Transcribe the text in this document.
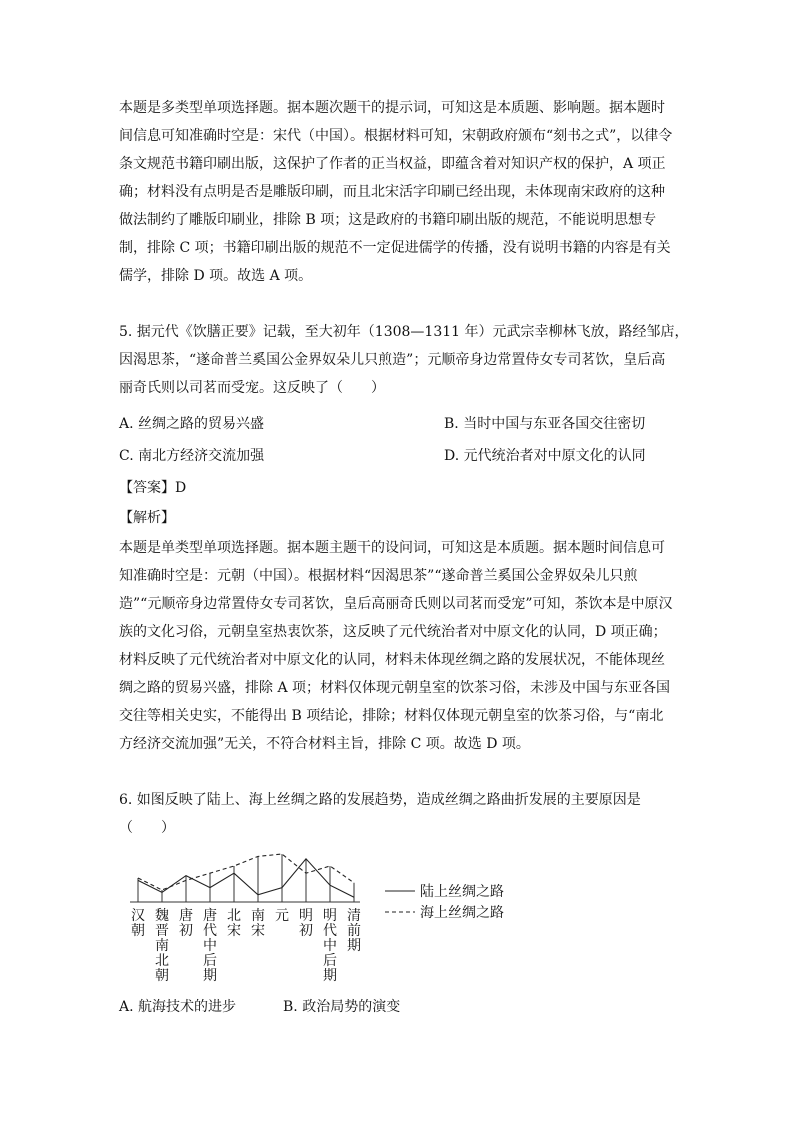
本题是多类型单项选择题。据本题次题干的提示词，可知这是本质题、影响题。据本题时
间信息可知准确时空是：宋代（中国）。根据材料可知，宋朝政府颁布“刻书之式”，以律令
条文规范书籍印刷出版，这保护了作者的正当权益，即蕴含着对知识产权的保护，A 项正
确；材料没有点明是否是雕版印刷，而且北宋活字印刷已经出现，未体现南宋政府的这种
做法制约了雕版印刷业，排除 B 项；这是政府的书籍印刷出版的规范，不能说明思想专
制，排除 C 项；书籍印刷出版的规范不一定促进儒学的传播，没有说明书籍的内容是有关
儒学，排除 D 项。故选 A 项。
5. 据元代《饮膳正要》记载，至大初年（1308—1311 年）元武宗幸柳林飞放，路经邹店，
因渴思茶，“遂命普兰奚国公金界奴朵儿只煎造”；元顺帝身边常置侍女专司茗饮，皇后高
丽奇氏则以司茗而受宠。这反映了（　　）
A. 丝绸之路的贸易兴盛	B. 当时中国与东亚各国交往密切
C. 南北方经济交流加强	D. 元代统治者对中原文化的认同
【答案】D
【解析】
本题是单类型单项选择题。据本题主题干的设问词，可知这是本质题。据本题时间信息可
知准确时空是：元朝（中国）。根据材料“因渴思茶”“遂命普兰奚国公金界奴朵儿只煎
造”“元顺帝身边常置侍女专司茗饮，皇后高丽奇氏则以司茗而受宠”可知，茶饮本是中原汉
族的文化习俗，元朝皇室热衷饮茶，这反映了元代统治者对中原文化的认同，D 项正确；
材料反映了元代统治者对中原文化的认同，材料未体现丝绸之路的发展状况，不能体现丝
绸之路的贸易兴盛，排除 A 项；材料仅体现元朝皇室的饮茶习俗，未涉及中国与东亚各国
交往等相关史实，不能得出 B 项结论，排除；材料仅体现元朝皇室的饮茶习俗，与“南北
方经济交流加强”无关，不符合材料主旨，排除 C 项。故选 D 项。
6. 如图反映了陆上、海上丝绸之路的发展趋势，造成丝绸之路曲折发展的主要原因是
（　　）
汉朝
魏晋南北朝
唐初
唐代中后期
北宋
南宋
元 明初
明代中后期
清前期
陆上丝绸之路
海上丝绸之路
A. 航海技术的进步	B. 政治局势的演变
